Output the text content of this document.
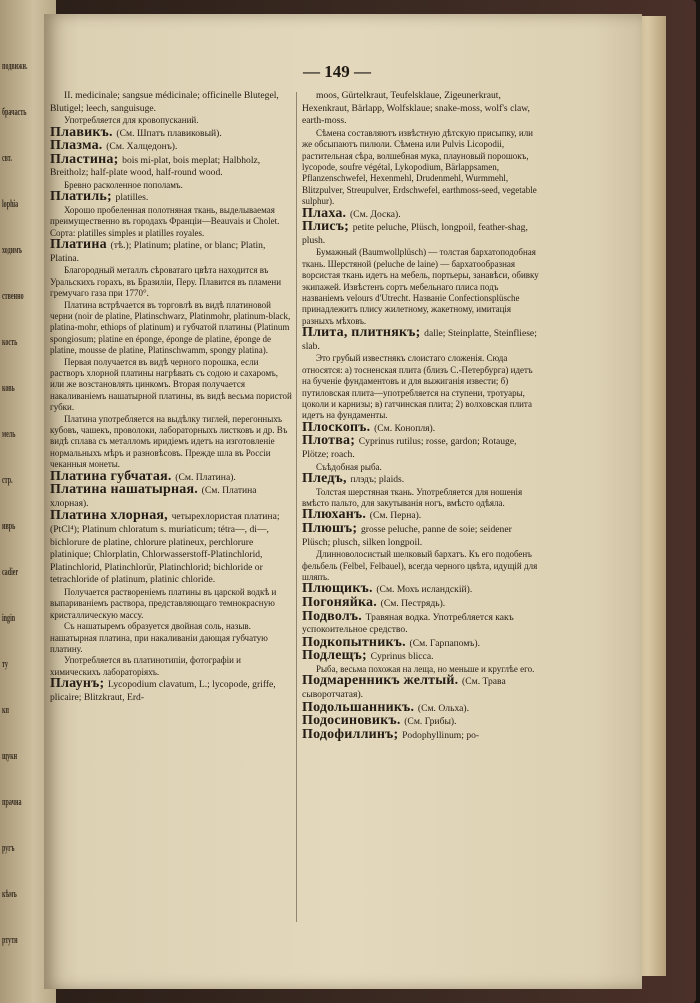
подвижн.
брачасть
свт.
lophia
ходимъ
ственно
кость
ковь
мель
стр.
иврь
cadier
ingin
ту
кп
щукн
прачна
ругъ
кѣмъ
ртутн
— 149 —

II. medicinale; sangsue médicinale; officinelle Blutegel, Blutigel; leech, sanguisuge.

Употребляется для кровопусканий.

Плавикъ. (См. Шпатъ плавиковый).

Плазма. (См. Халцедонъ).

Пластина; bois mi-plat, bois meplat; Halbholz, Breitholz; half-plate wood, half-round wood.

Бревно расколенное пополамъ.

Платиль; platilles.

Хорошо пробеленная полотняная ткань, выделываемая преимущественно въ городахъ Франціи—Beauvais и Cholet. Сорта: platilles simples и platilles royales.

Платина (тѣ.); Platinum; platine, or blanc; Platin, Platina.

Благородный металлъ сѣроватаго цвѣта находится въ Уральскихъ горахъ, въ Бразиліи, Перу. Плавится въ пламени гремучаго газа при 1770°.

Платина встрѣчается въ торговлѣ въ видѣ платиновой черни (noir de platine, Platinschwarz, Platinmohr, platinum-black, platina-mohr, ethiops of platinum) и губчатой платины (Platinum spongiosum; platine en éponge, éponge de platine, éponge de platine, mousse de platine, Platinschwamm, spongy platina).

Первая получается въ видѣ черного порошка, если растворъ хлорной платины нагрѣвать съ содою и сахаромъ, или же возстановлять цинкомъ. Вторая получается накаливаніемъ нашатырной платины, въ видѣ весьма пористой губки.

Платина употребляется на выдѣлку тиглей, перегонныхъ кубовъ, чашекъ, проволоки, лабораторныхъ листковъ и др. Въ видѣ сплава съ металломъ иридіемъ идетъ на изготовленіе нормальныхъ мѣръ и разновѣсовъ. Прежде шла въ Россіи чеканныя монеты.

Платина губчатая. (См. Платина).

Платина нашатырная. (См. Платина хлорная).

Платина хлорная, четырехлористая платина; (PtCl⁴); Platinum chloratum s. muriaticum; tétra—, di—, bichlorure de platine, chlorure platineux, perchlorure platinique; Chlorplatin, Chlorwasserstoff-Platinchlorid, Platinchlorid, Platinchlorür, Platinchlorid; bichloride or tetrachloride of platinum, platinic chloride.

Получается растворенiемъ платины въ царской водкѣ и выпариваніемъ раствора, представляющаго темнокрасную кристаллическую массу.

Съ нашатыремъ образуется двойная соль, назыв. нашатырная платина, при накаливаніи дающая губчатую платину.

Употребляется въ платинотипіи, фотографіи и химическихъ лабораторіяхъ.

Плаунъ; Lycopodium clavatum, L.; lycopode, griffe, plicaire; Blitzkraut, Erd-

moos, Gürtelkraut, Teufelsklaue, Zigeunerkraut, Hexenkraut, Bärlapp, Wolfsklaue; snake-moss, wolf's claw, earth-moss.

Сѣмена составляютъ извѣстную дѣтскую присыпку, или же обсыпаютъ пилюли. Сѣмена или Pulvis Licopodii, растительная сѣра, волшебная мука, плауновый порошокъ, lycopode, soufre végétal, Lykopodium, Bärlappsamen, Pflanzenschwefel, Hexenmehl, Drudenmehl, Wurmmehl, Blitzpulver, Streupulver, Erdschwefel, earthmoss-seed, vegetable sulphur).

Плаха. (См. Доска).

Плисъ; petite peluche, Plüsch, longpoil, feather-shag, plush.

Бумажный (Baumwollplüsch) — толстая бархатоподобная ткань. Шерстяной (peluche de laine) — бархатообразная ворсистая ткань идетъ на мебель, портьеры, занавѣси, обивку экипажей. Извѣстенъ сортъ мебельнаго плиса подъ названіемъ velours d'Utrecht. Названіе Confectionsplüsche принадлежитъ плису жилетному, жакетному, имитація разныхъ мѣховъ.

Плита, плитнякъ; dalle; Steinplatte, Steinfliese; slab.

Это грубый известнякъ слоистаго сложенія. Сюда относятся: а) тосненская плита (близъ С.-Петербурга) идетъ на бученіе фундаментовъ и для выжиганія извести; б) путиловская плита—употребляется на ступени, тротуары, цоколи и карнизы; в) гатчинская плита; 2) волховская плита идетъ на фундаменты.

Плоскопъ. (См. Конопля).

Плотва; Cyprinus rutilus; rosse, gardon; Rotauge, Plötze; roach.

Съѣдобная рыба.

Пледъ, плэдъ; plaids.

Толстая шерстяная ткань. Употребляется для ношенія вмѣсто пальто, для закутыванія ногъ, вмѣсто одѣяла.

Плюханъ. (См. Перна).

Плюшъ; grosse peluche, panne de soie; seidener Plüsch; plusch, silken longpoil.

Длинноволосистый шелковый бархатъ. Къ его подобенъ фельбель (Felbel, Felbauel), всегда черного цвѣта, идущій для шляпъ.

Плющикъ. (См. Мохъ исландскій).

Погоняйка. (См. Пестрядь).

Подволъ. Травяная водка. Употребляется какъ успокоительное средство.

Подкопытникъ. (См. Гарпапомъ).

Подлещъ; Cyprinus blicca.

Рыба, весьма похожая на леща, но меньше и круглѣе его.

Подмаренникъ желтый. (См. Трава сыворотчатая).

Подольшанникъ. (См. Ольха).

Подосиновикъ. (См. Грибы).

Подофиллинъ; Podophyllinum; po-
